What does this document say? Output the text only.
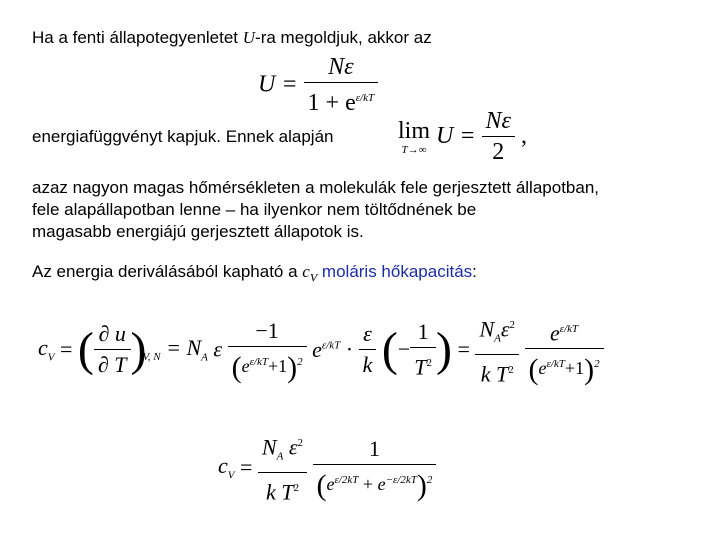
Ha a fenti állapotegyenletet U-ra megoldjuk, akkor az
$U = \frac{N\varepsilon}{1 + e^{\varepsilon/kT}}$
energiafüggvényt kapjuk. Ennek alapján	lim
T→∞
$U = \frac{N\varepsilon}{2}$ ,
azaz nagyon magas hőmérsékleten a molekulák fele gerjesztett állapotban,
fele alapállapotban lenne – ha ilyenkor nem töltődnének be
magasabb energiájú gerjesztett állapotok is.
Az energia deriválásából kapható a $c_V$ moláris hőkapacitás:
$c_V$ = ( $\frac{\partial u}{\partial T} )_{V, N} = N_A$ ε $\frac{-1}{(e^{\varepsilon/kT}+1)^2} e^{\varepsilon/kT} \cdot \frac{\varepsilon}{k}$ (− $\frac{1}{T^2}$ ) = $\frac{N_A\varepsilon^2}{k T^2}$
$\frac{e^{\varepsilon/kT}}{(e^{\varepsilon/kT}+1)^2}$
$c_V = \frac{N_A \varepsilon^2}{k T^2}$
$\frac{1}{(e^{\varepsilon/2kT} + e^{-\varepsilon/2kT})^2}$
